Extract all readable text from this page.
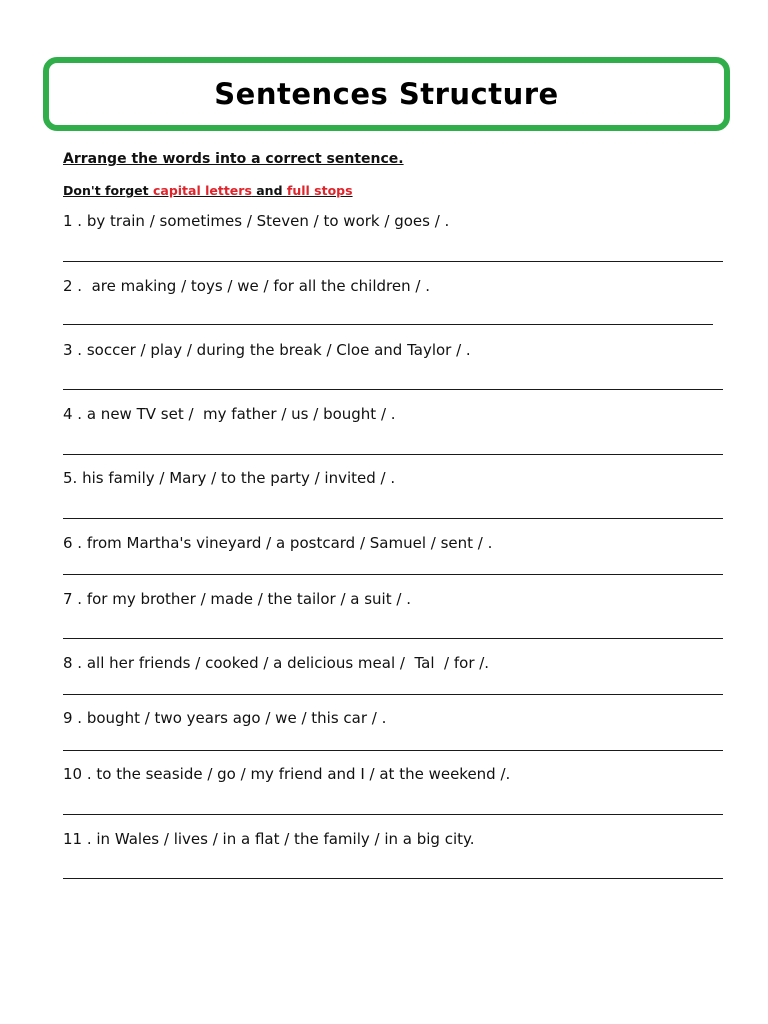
Sentences Structure
Arrange the words into a correct sentence.
Don't forget capital letters and full stops
1 . by train / sometimes / Steven / to work / goes / .
2 .  are making / toys / we / for all the children / .
3 . soccer / play / during the break / Cloe and Taylor / .
4 . a new TV set /  my father / us / bought / .
5. his family / Mary / to the party / invited / .
6 . from Martha's vineyard / a postcard / Samuel / sent / .
7 . for my brother / made / the tailor / a suit / .
8 . all her friends / cooked / a delicious meal /  Tal  / for /.
9 . bought / two years ago / we / this car / .
10 . to the seaside / go / my friend and I / at the weekend /.
11 . in Wales / lives / in a flat / the family / in a big city.
